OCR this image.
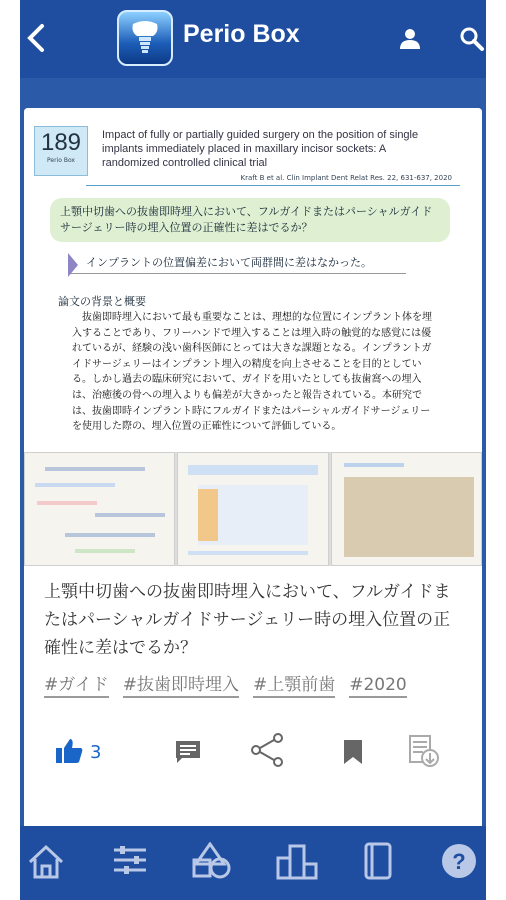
Perio Box
189
Perio Box
Impact of fully or partially guided surgery on the position of single implants immediately placed in maxillary incisor sockets: A randomized controlled clinical trial
Kraft B et al. Clin Implant Dent Relat Res. 22, 631-637, 2020
上顎中切歯への抜歯即時埋入において、フルガイドまたはパーシャルガイドサージェリー時の埋入位置の正確性に差はでるか？
インプラントの位置偏差において両群間に差はなかった。
論文の背景と概要
抜歯即時埋入において最も重要なことは、理想的な位置にインプラント体を埋入することであり、フリーハンドで埋入することは埋入時の触覚的な感覚には優れているが、経験の浅い歯科医師にとっては大きな課題となる。インプラントガイドサージェリーはインプラント埋入の精度を向上させることを目的としている。しかし過去の臨床研究において、ガイドを用いたとしても抜歯窩への埋入は、治癒後の骨への埋入よりも偏差が大きかったと報告されている。本研究では、抜歯即時インプラント時にフルガイドまたはパーシャルガイドサージェリーを使用した際の、埋入位置の正確性について評価している。
上顎中切歯への抜歯即時埋入において、フルガイドまたはパーシャルガイドサージェリー時の埋入位置の正確性に差はでるか？
#ガイド #抜歯即時埋入 #上顎前歯 #2020
3
?
